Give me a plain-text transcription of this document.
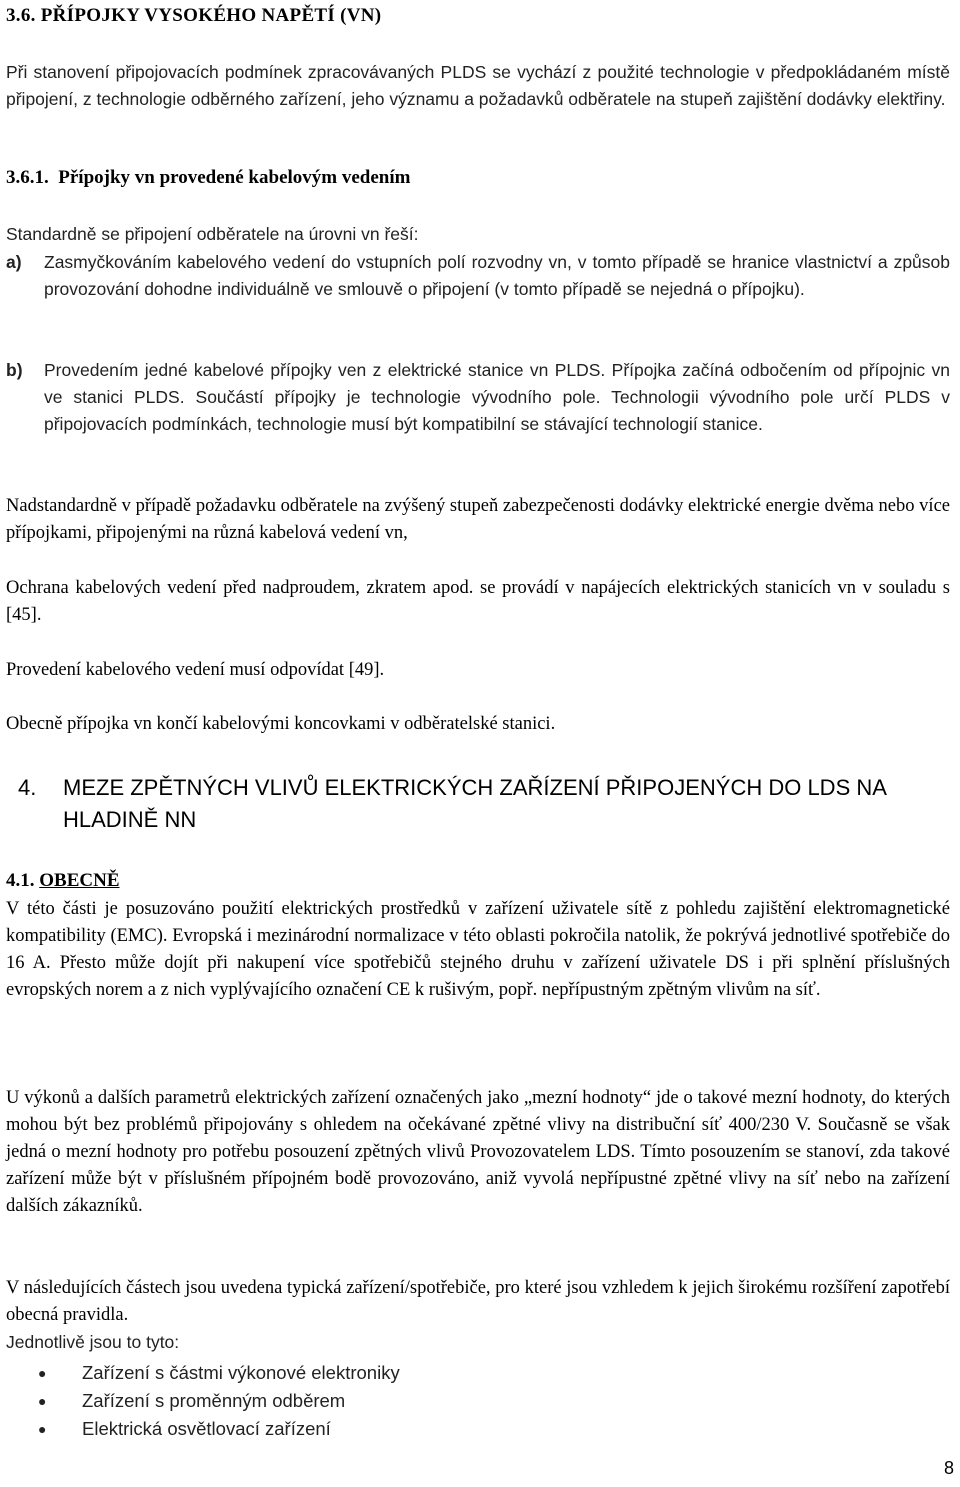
3.6. PŘÍPOJKY VYSOKÉHO NAPĚTÍ (VN)

Při stanovení připojovacích podmínek zpracovávaných PLDS se vychází z použité technologie v předpokládaném místě připojení, z technologie odběrného zařízení, jeho významu a požadavků odběratele na stupeň zajištění dodávky elektřiny.

3.6.1. Přípojky vn provedené kabelovým vedením

Standardně se připojení odběratele na úrovni vn řeší:

a) Zasmyčkováním kabelového vedení do vstupních polí rozvodny vn, v tomto případě se hranice vlastnictví a způsob provozování dohodne individuálně ve smlouvě o připojení (v tomto případě se nejedná o přípojku).

b) Provedením jedné kabelové přípojky ven z elektrické stanice vn PLDS. Přípojka začíná odbočením od přípojnic vn ve stanici PLDS. Součástí přípojky je technologie vývodního pole. Technologii vývodního pole určí PLDS v připojovacích podmínkách, technologie musí být kompatibilní se stávající technologií stanice.

Nadstandardně v případě požadavku odběratele na zvýšený stupeň zabezpečenosti dodávky elektrické energie dvěma nebo více přípojkami, připojenými na různá kabelová vedení vn,

Ochrana kabelových vedení před nadproudem, zkratem apod. se provádí v napájecích elektrických stanicích vn v souladu s [45].

Provedení kabelového vedení musí odpovídat [49].

Obecně přípojka vn končí kabelovými koncovkami v odběratelské stanici.

4. MEZE ZPĚTNÝCH VLIVŮ ELEKTRICKÝCH ZAŘÍZENÍ PŘIPOJENÝCH DO LDS NA
HLADINĚ NN
4.1. OBECNĚ

V této části je posuzováno použití elektrických prostředků v zařízení uživatele sítě z pohledu zajištění elektromagnetické kompatibility (EMC). Evropská i mezinárodní normalizace v této oblasti pokročila natolik, že pokrývá jednotlivé spotřebiče do 16 A. Přesto může dojít při nakupení více spotřebičů stejného druhu v zařízení uživatele DS i při splnění příslušných evropských norem a z nich vyplývajícího označení CE k rušivým, popř. nepřípustným zpětným vlivům na síť.

U výkonů a dalších parametrů elektrických zařízení označených jako „mezní hodnoty“ jde o takové mezní hodnoty, do kterých mohou být bez problémů připojovány s ohledem na očekávané zpětné vlivy na distribuční síť 400/230 V. Současně se však jedná o mezní hodnoty pro potřebu posouzení zpětných vlivů Provozovatelem LDS. Tímto posouzením se stanoví, zda takové zařízení může být v příslušném přípojném bodě provozováno, aniž vyvolá nepřípustné zpětné vlivy na síť nebo na zařízení dalších zákazníků.

V následujících částech jsou uvedena typická zařízení/spotřebiče, pro které jsou vzhledem k jejich širokému rozšíření zapotřebí obecná pravidla.

Jednotlivě jsou to tyto:

● Zařízení s částmi výkonové elektroniky
● Zařízení s proměnným odběrem
● Elektrická osvětlovací zařízení
8
